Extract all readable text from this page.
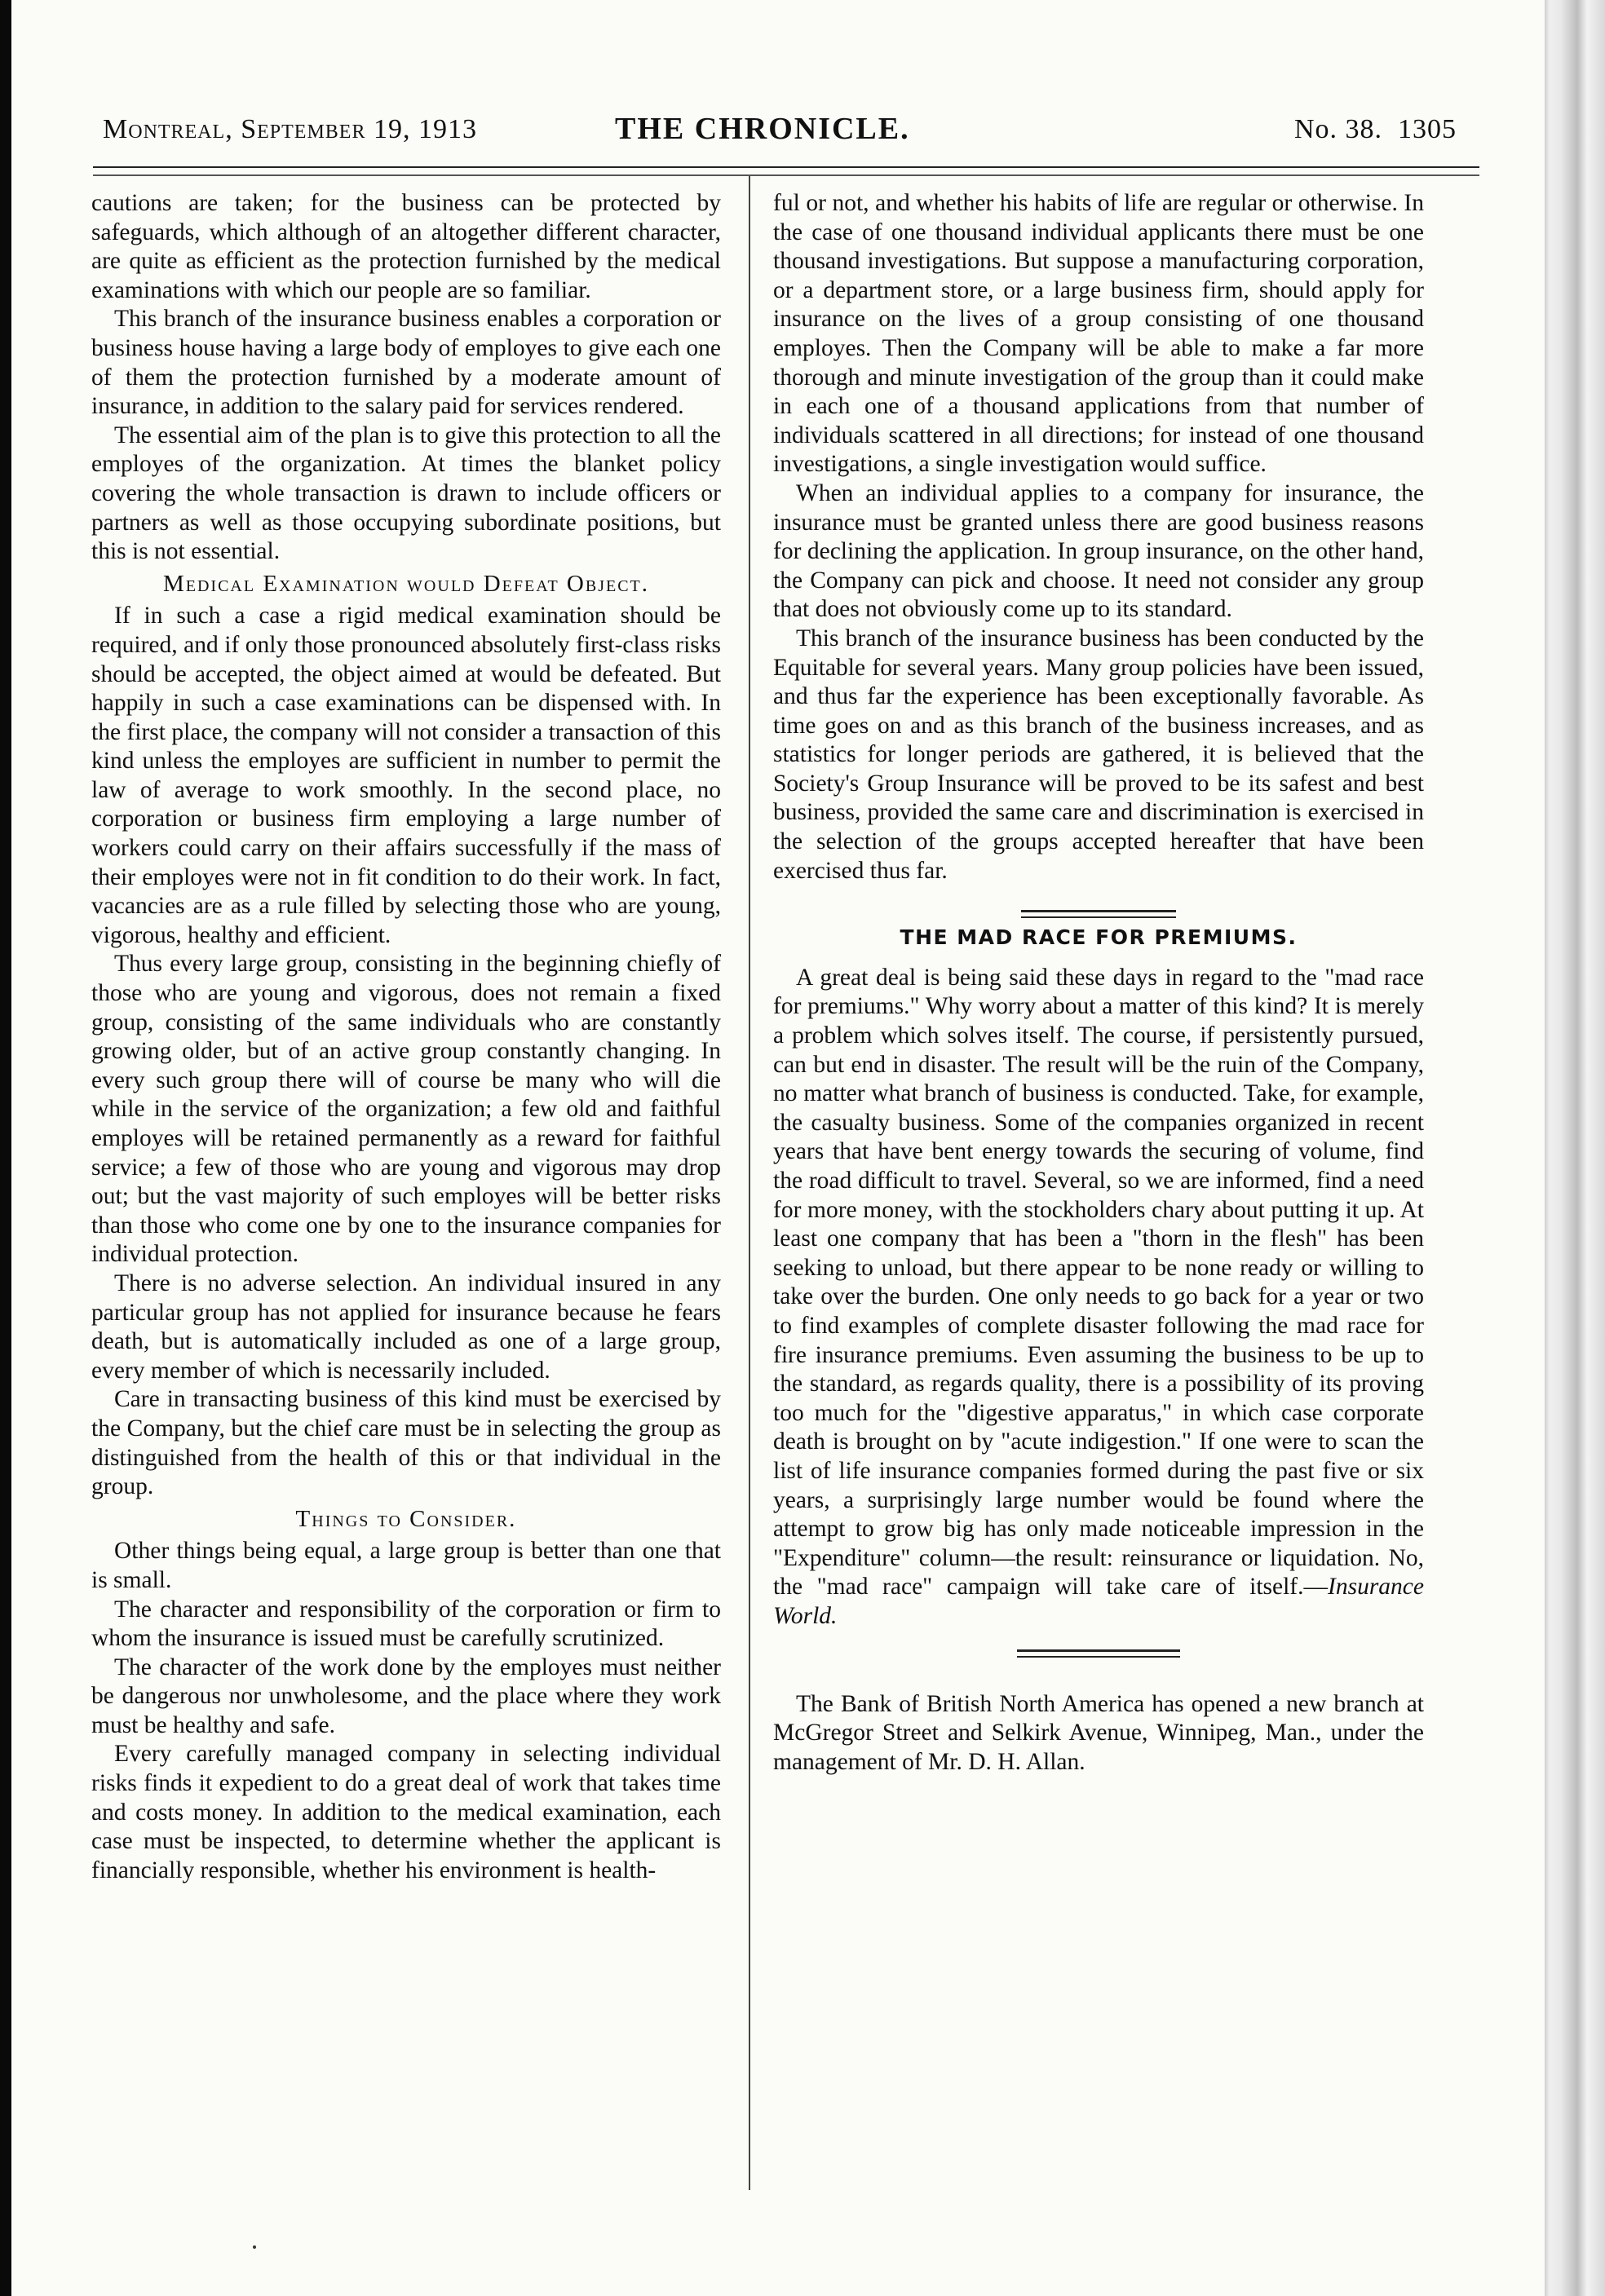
Montreal, September 19, 1913	THE CHRONICLE.	No. 38. 1305

cautions are taken; for the business can be protected by safeguards, which although of an altogether different character, are quite as efficient as the protection furnished by the medical examinations with which our people are so familiar.

This branch of the insurance business enables a corporation or business house having a large body of employes to give each one of them the protection furnished by a moderate amount of insurance, in addition to the salary paid for services rendered.

The essential aim of the plan is to give this protection to all the employes of the organization. At times the blanket policy covering the whole transaction is drawn to include officers or partners as well as those occupying subordinate positions, but this is not essential.

Medical Examination would Defeat Object.

If in such a case a rigid medical examination should be required, and if only those pronounced absolutely first-class risks should be accepted, the object aimed at would be defeated. But happily in such a case examinations can be dispensed with. In the first place, the company will not consider a transaction of this kind unless the employes are sufficient in number to permit the law of average to work smoothly. In the second place, no corporation or business firm employing a large number of workers could carry on their affairs successfully if the mass of their employes were not in fit condition to do their work. In fact, vacancies are as a rule filled by selecting those who are young, vigorous, healthy and efficient.

Thus every large group, consisting in the beginning chiefly of those who are young and vigorous, does not remain a fixed group, consisting of the same individuals who are constantly growing older, but of an active group constantly changing. In every such group there will of course be many who will die while in the service of the organization; a few old and faithful employes will be retained permanently as a reward for faithful service; a few of those who are young and vigorous may drop out; but the vast majority of such employes will be better risks than those who come one by one to the insurance companies for individual protection.

There is no adverse selection. An individual insured in any particular group has not applied for insurance because he fears death, but is automatically included as one of a large group, every member of which is necessarily included.

Care in transacting business of this kind must be exercised by the Company, but the chief care must be in selecting the group as distinguished from the health of this or that individual in the group.

Things to Consider.

Other things being equal, a large group is better than one that is small.

The character and responsibility of the corporation or firm to whom the insurance is issued must be carefully scrutinized.

The character of the work done by the employes must neither be dangerous nor unwholesome, and the place where they work must be healthy and safe.

Every carefully managed company in selecting individual risks finds it expedient to do a great deal of work that takes time and costs money. In addition to the medical examination, each case must be inspected, to determine whether the applicant is financially responsible, whether his environment is health-

ful or not, and whether his habits of life are regular or otherwise. In the case of one thousand individual applicants there must be one thousand investigations. But suppose a manufacturing corporation, or a department store, or a large business firm, should apply for insurance on the lives of a group consisting of one thousand employes. Then the Company will be able to make a far more thorough and minute investigation of the group than it could make in each one of a thousand applications from that number of individuals scattered in all directions; for instead of one thousand investigations, a single investigation would suffice.

When an individual applies to a company for insurance, the insurance must be granted unless there are good business reasons for declining the application. In group insurance, on the other hand, the Company can pick and choose. It need not consider any group that does not obviously come up to its standard.

This branch of the insurance business has been conducted by the Equitable for several years. Many group policies have been issued, and thus far the experience has been exceptionally favorable. As time goes on and as this branch of the business increases, and as statistics for longer periods are gathered, it is believed that the Society's Group Insurance will be proved to be its safest and best business, provided the same care and discrimination is exercised in the selection of the groups accepted hereafter that have been exercised thus far.

THE MAD RACE FOR PREMIUMS.

A great deal is being said these days in regard to the "mad race for premiums." Why worry about a matter of this kind? It is merely a problem which solves itself. The course, if persistently pursued, can but end in disaster. The result will be the ruin of the Company, no matter what branch of business is conducted. Take, for example, the casualty business. Some of the companies organized in recent years that have bent energy towards the securing of volume, find the road difficult to travel. Several, so we are informed, find a need for more money, with the stockholders chary about putting it up. At least one company that has been a "thorn in the flesh" has been seeking to unload, but there appear to be none ready or willing to take over the burden. One only needs to go back for a year or two to find examples of complete disaster following the mad race for fire insurance premiums. Even assuming the business to be up to the standard, as regards quality, there is a possibility of its proving too much for the "digestive apparatus," in which case corporate death is brought on by "acute indigestion." If one were to scan the list of life insurance companies formed during the past five or six years, a surprisingly large number would be found where the attempt to grow big has only made noticeable impression in the "Expenditure" column—the result: reinsurance or liquidation. No, the "mad race" campaign will take care of itself.—Insurance World.

The Bank of British North America has opened a new branch at McGregor Street and Selkirk Avenue, Winnipeg, Man., under the management of Mr. D. H. Allan.
